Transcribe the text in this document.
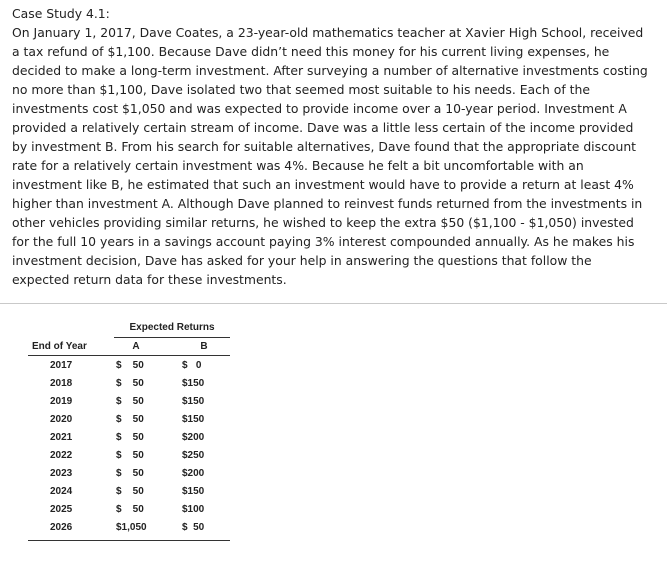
Case Study 4.1:
On January 1, 2017, Dave Coates, a 23-year-old mathematics teacher at Xavier High School, received a tax refund of $1,100. Because Dave didn’t need this money for his current living expenses, he decided to make a long-term investment. After surveying a number of alternative investments costing no more than $1,100, Dave isolated two that seemed most suitable to his needs. Each of the investments cost $1,050 and was expected to provide income over a 10-year period. Investment A provided a relatively certain stream of income. Dave was a little less certain of the income provided by investment B. From his search for suitable alternatives, Dave found that the appropriate discount rate for a relatively certain investment was 4%. Because he felt a bit uncomfortable with an investment like B, he estimated that such an investment would have to provide a return at least 4% higher than investment A. Although Dave planned to reinvest funds returned from the investments in other vehicles providing similar returns, he wished to keep the extra $50 ($1,100 - $1,050) invested for the full 10 years in a savings account paying 3% interest compounded annually. As he makes his investment decision, Dave has asked for your help in answering the questions that follow the expected return data for these investments.
Expected Returns
End of Year	A	B
2017	$    50	$   0
2018	$    50	$150
2019	$    50	$150
2020	$    50	$150
2021	$    50	$200
2022	$    50	$250
2023	$    50	$200
2024	$    50	$150
2025	$    50	$100
2026	$1,050	$  50
